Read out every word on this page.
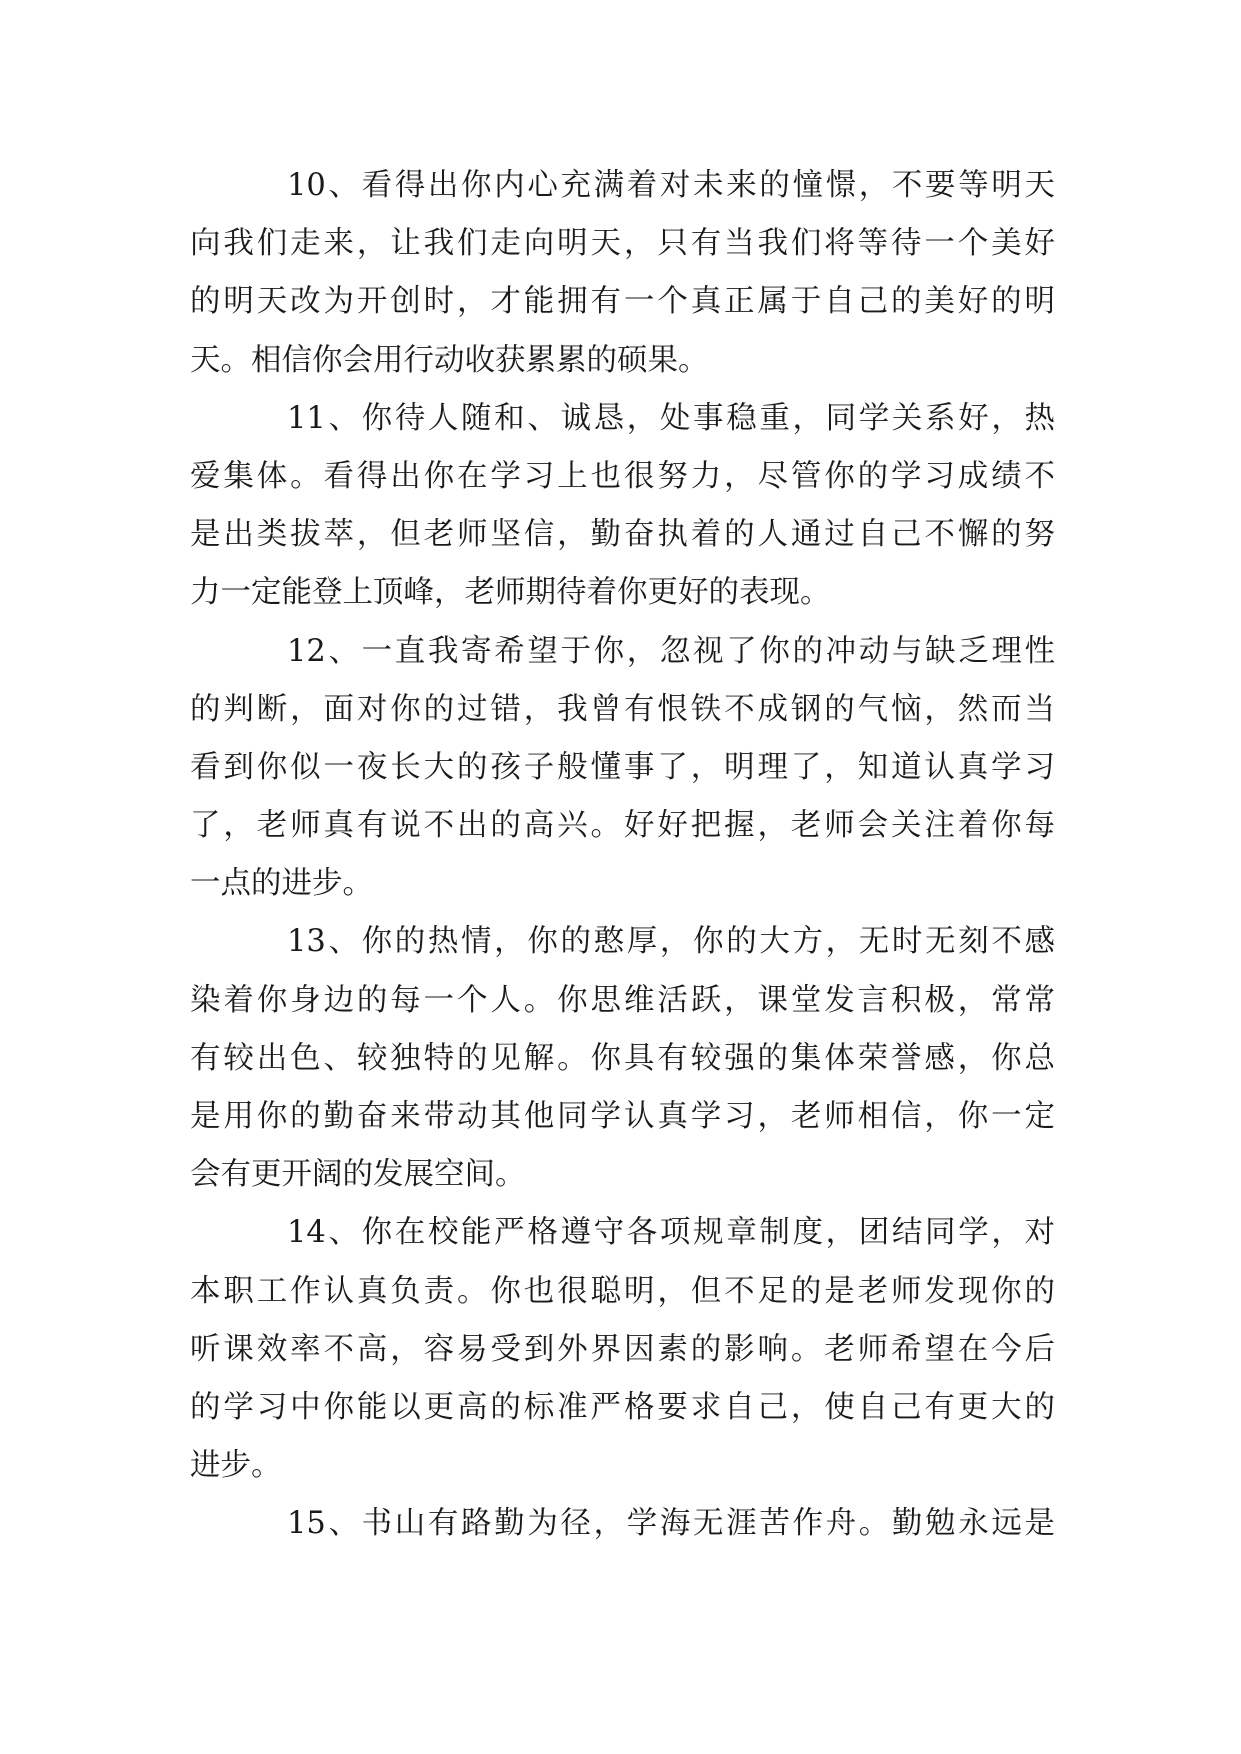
10、看得出你内心充满着对未来的憧憬，不要等明天
向我们走来，让我们走向明天，只有当我们将等待一个美好
的明天改为开创时，才能拥有一个真正属于自己的美好的明
天。相信你会用行动收获累累的硕果。
11、你待人随和、诚恳，处事稳重，同学关系好，热
爱集体。看得出你在学习上也很努力，尽管你的学习成绩不
是出类拔萃，但老师坚信，勤奋执着的人通过自己不懈的努
力一定能登上顶峰，老师期待着你更好的表现。
12、一直我寄希望于你，忽视了你的冲动与缺乏理性
的判断，面对你的过错，我曾有恨铁不成钢的气恼，然而当
看到你似一夜长大的孩子般懂事了，明理了，知道认真学习
了，老师真有说不出的高兴。好好把握，老师会关注着你每
一点的进步。
13、你的热情，你的憨厚，你的大方，无时无刻不感
染着你身边的每一个人。你思维活跃，课堂发言积极，常常
有较出色、较独特的见解。你具有较强的集体荣誉感，你总
是用你的勤奋来带动其他同学认真学习，老师相信，你一定
会有更开阔的发展空间。
14、你在校能严格遵守各项规章制度，团结同学，对
本职工作认真负责。你也很聪明，但不足的是老师发现你的
听课效率不高，容易受到外界因素的影响。老师希望在今后
的学习中你能以更高的标准严格要求自己，使自己有更大的
进步。
15、书山有路勤为径，学海无涯苦作舟。勤勉永远是
